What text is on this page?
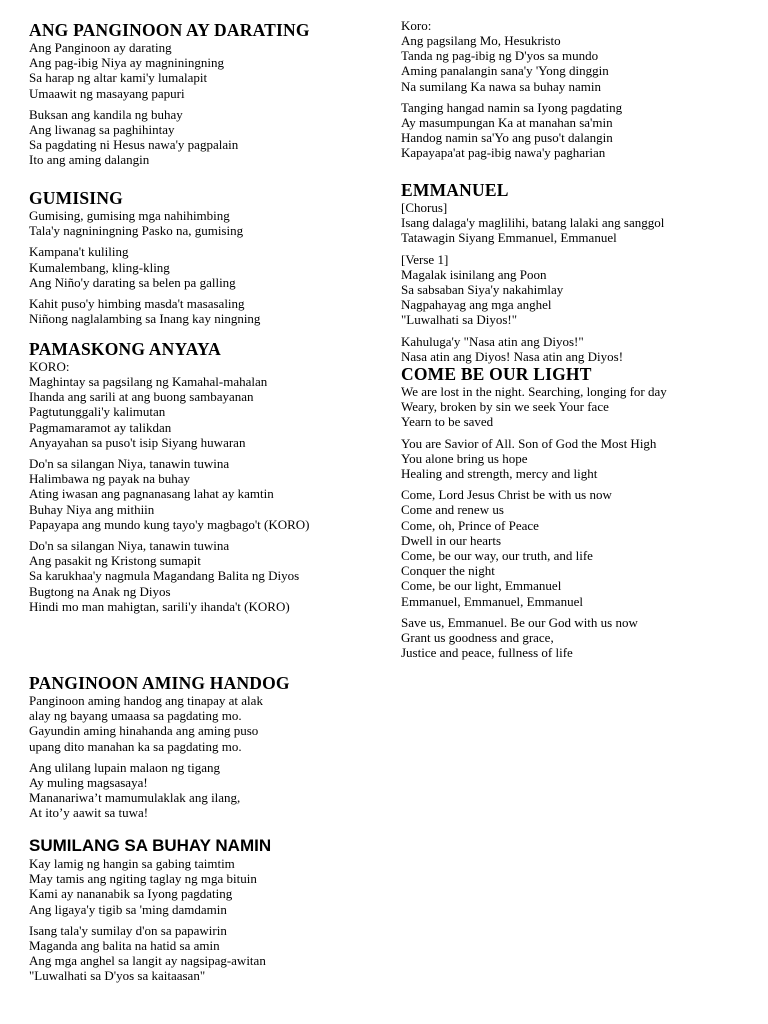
ANG PANGINOON AY DARATING
Ang Panginoon ay darating
Ang pag-ibig Niya ay magniningning
Sa harap ng altar kami'y lumalapit
Umaawit ng masayang papuri
Buksan ang kandila ng buhay
Ang liwanag sa paghihintay
Sa pagdating ni Hesus nawa'y pagpalain
Ito ang aming dalangin
GUMISING
Gumising, gumising mga nahihimbing
Tala'y nagniningning Pasko na, gumising
Kampana't kuliling
Kumalembang, kling-kling
Ang Niño'y darating sa belen pa galling
Kahit puso'y himbing masda't masasaling
Niñong naglalambing sa Inang kay ningning
PAMASKONG ANYAYA
KORO:
Maghintay sa pagsilang ng Kamahal-mahalan
Ihanda ang sarili at ang buong sambayanan
Pagtutunggali'y kalimutan
Pagmamaramot ay talikdan
Anyayahan sa puso't isip Siyang huwaran
Do'n sa silangan Niya, tanawin tuwina
Halimbawa ng payak na buhay
Ating iwasan ang pagnanasang lahat ay kamtin
Buhay Niya ang mithiin
Papayapa ang mundo kung tayo'y magbago't (KORO)
Do'n sa silangan Niya, tanawin tuwina
Ang pasakit ng Kristong sumapit
Sa karukhaa'y nagmula Magandang Balita ng Diyos
Bugtong na Anak ng Diyos
Hindi mo man mahigtan, sarili'y ihanda't (KORO)
PANGINOON AMING HANDOG
Panginoon aming handog ang tinapay at alak
alay ng bayang umaasa sa pagdating mo.
Gayundin aming hinahanda ang aming puso
upang dito manahan ka sa pagdating mo.
Ang ulilang lupain malaon ng tigang
Ay muling magsasaya!
Mananariwa’t mamumulaklak ang ilang,
At ito’y aawit sa tuwa!
SUMILANG SA BUHAY NAMIN
Kay lamig ng hangin sa gabing taimtim
May tamis ang ngiting taglay ng mga bituin
Kami ay nananabik sa Iyong pagdating
Ang ligaya'y tigib sa 'ming damdamin
Isang tala'y sumilay d'on sa papawirin
Maganda ang balita na hatid sa amin
Ang mga anghel sa langit ay nagsipag-awitan
"Luwalhati sa D'yos sa kaitaasan"
Koro:
Ang pagsilang Mo, Hesukristo
Tanda ng pag-ibig ng D'yos sa mundo
Aming panalangin sana'y 'Yong dinggin
Na sumilang Ka nawa sa buhay namin
Tanging hangad namin sa Iyong pagdating
Ay masumpungan Ka at manahan sa'min
Handog namin sa'Yo ang puso't dalangin
Kapayapa'at pag-ibig nawa'y pagharian
EMMANUEL
[Chorus]
Isang dalaga'y maglilihi, batang lalaki ang sanggol
Tatawagin Siyang Emmanuel, Emmanuel
[Verse 1]
Magalak isinilang ang Poon
Sa sabsaban Siya'y nakahimlay
Nagpahayag ang mga anghel
"Luwalhati sa Diyos!"
Kahuluga'y "Nasa atin ang Diyos!"
Nasa atin ang Diyos! Nasa atin ang Diyos!
COME BE OUR LIGHT
We are lost in the night. Searching, longing for day
Weary, broken by sin we seek Your face
Yearn to be saved
You are Savior of All. Son of God the Most High
You alone bring us hope
Healing and strength, mercy and light
Come, Lord Jesus Christ be with us now
Come and renew us
Come, oh, Prince of Peace
Dwell in our hearts
Come, be our way, our truth, and life
Conquer the night
Come, be our light, Emmanuel
Emmanuel, Emmanuel, Emmanuel
Save us, Emmanuel. Be our God with us now
Grant us goodness and grace,
Justice and peace, fullness of life
